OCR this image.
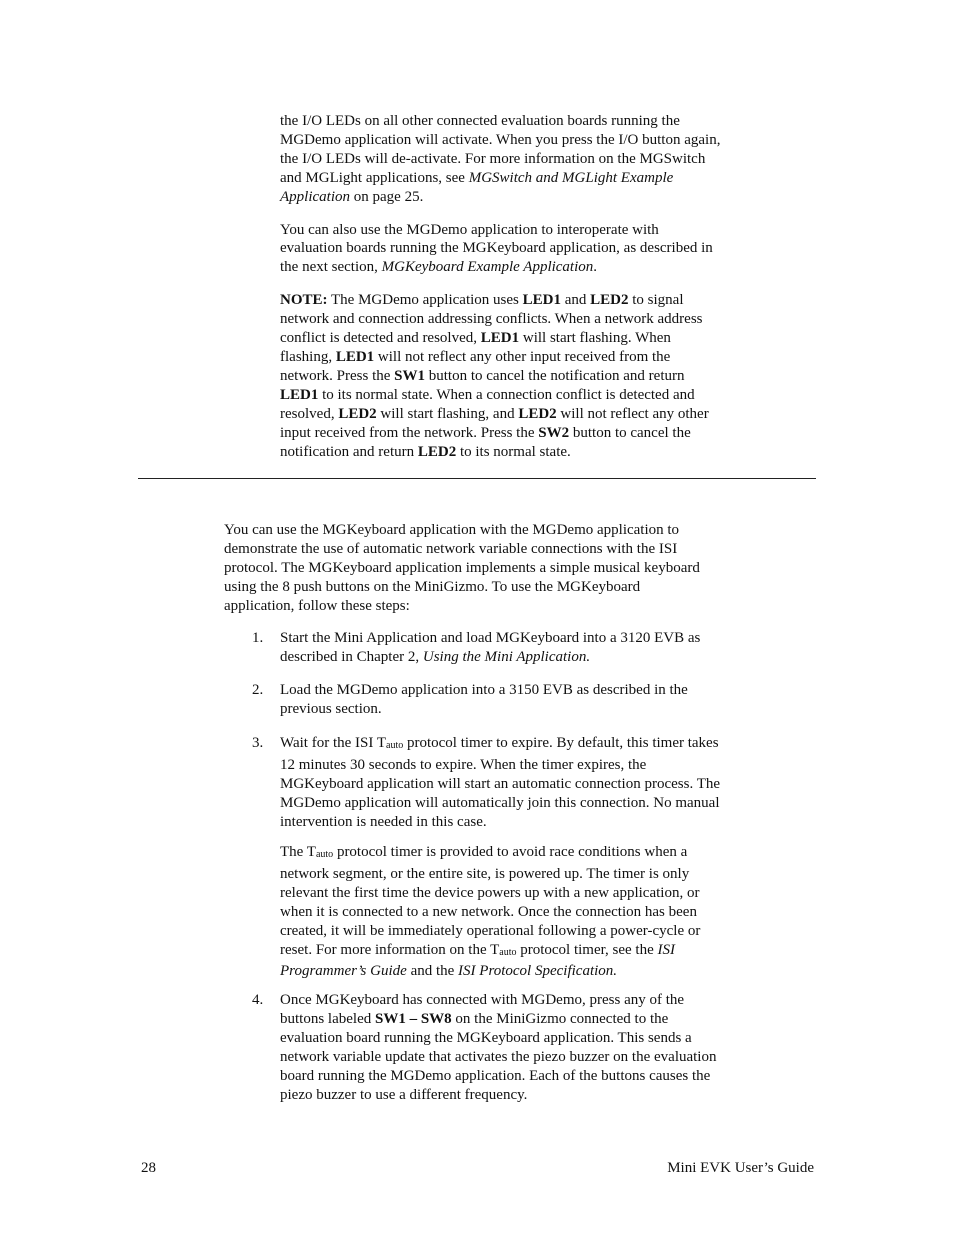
the I/O LEDs on all other connected evaluation boards running the
MGDemo application will activate. When you press the I/O button again,
the I/O LEDs will de-activate. For more information on the MGSwitch
and MGLight applications, see MGSwitch and MGLight Example
Application on page 25.
You can also use the MGDemo application to interoperate with
evaluation boards running the MGKeyboard application, as described in
the next section, MGKeyboard Example Application.
NOTE: The MGDemo application uses LED1 and LED2 to signal
network and connection addressing conflicts. When a network address
conflict is detected and resolved, LED1 will start flashing. When
flashing, LED1 will not reflect any other input received from the
network. Press the SW1 button to cancel the notification and return
LED1 to its normal state. When a connection conflict is detected and
resolved, LED2 will start flashing, and LED2 will not reflect any other
input received from the network. Press the SW2 button to cancel the
notification and return LED2 to its normal state.
You can use the MGKeyboard application with the MGDemo application to
demonstrate the use of automatic network variable connections with the ISI
protocol. The MGKeyboard application implements a simple musical keyboard
using the 8 push buttons on the MiniGizmo. To use the MGKeyboard
application, follow these steps:
1.	Start the Mini Application and load MGKeyboard into a 3120 EVB as
described in Chapter 2, Using the Mini Application.
2.	Load the MGDemo application into a 3150 EVB as described in the
previous section.
3.	Wait for the ISI $T_{auto}$ protocol timer to expire. By default, this timer takes
12 minutes 30 seconds to expire. When the timer expires, the
MGKeyboard application will start an automatic connection process. The
MGDemo application will automatically join this connection. No manual
intervention is needed in this case.
The $T_{auto}$ protocol timer is provided to avoid race conditions when a
network segment, or the entire site, is powered up. The timer is only
relevant the first time the device powers up with a new application, or
when it is connected to a new network. Once the connection has been
created, it will be immediately operational following a power-cycle or
reset. For more information on the $T_{auto}$ protocol timer, see the ISI
Programmer’s Guide and the ISI Protocol Specification.
4.	Once MGKeyboard has connected with MGDemo, press any of the
buttons labeled SW1 – SW8 on the MiniGizmo connected to the
evaluation board running the MGKeyboard application. This sends a
network variable update that activates the piezo buzzer on the evaluation
board running the MGDemo application. Each of the buttons causes the
piezo buzzer to use a different frequency.
28	Mini EVK User’s Guide
